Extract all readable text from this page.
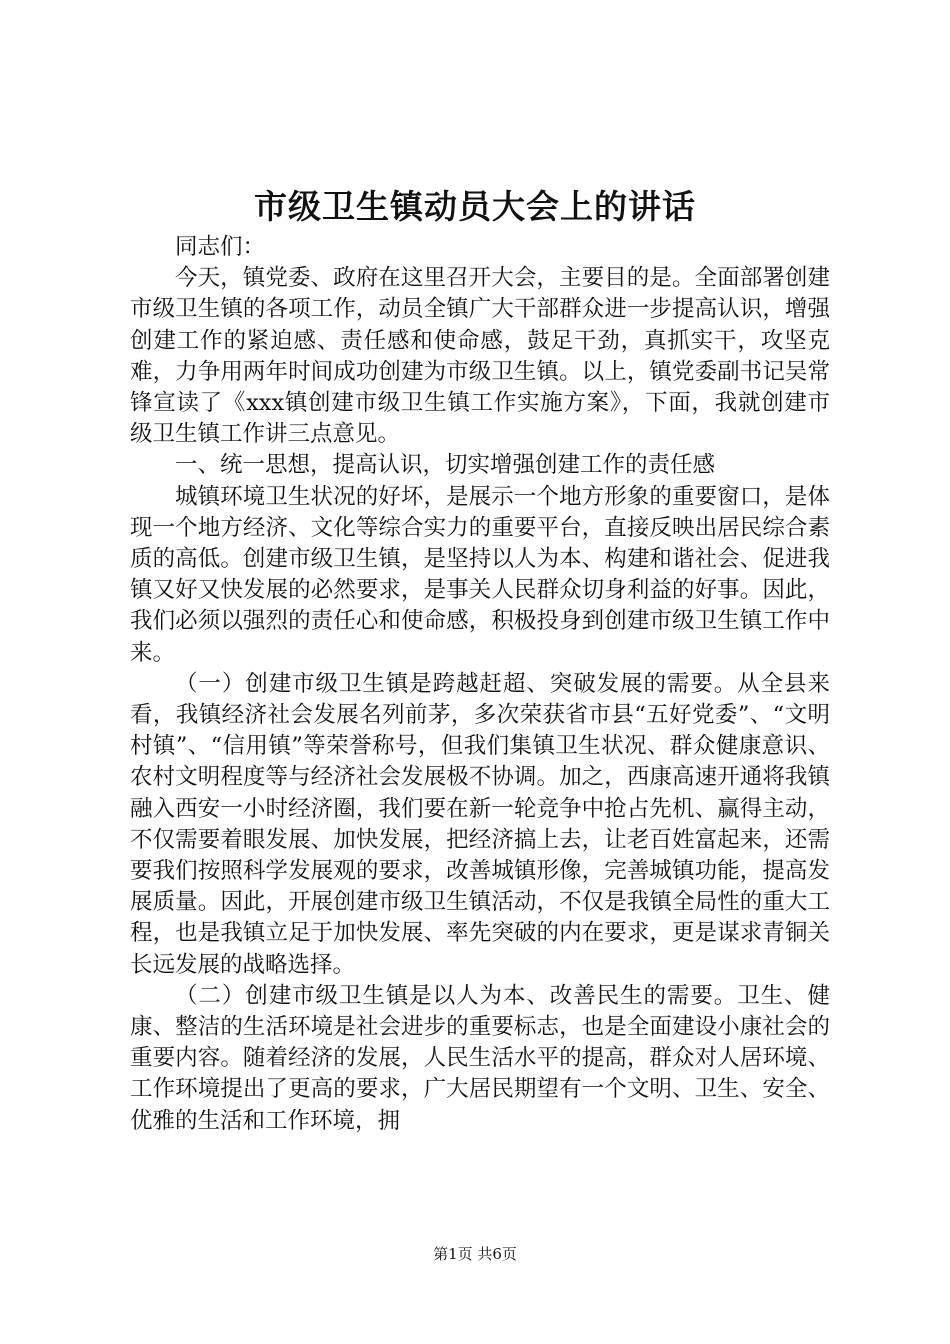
市级卫生镇动员大会上的讲话

同志们：

今天，镇党委、政府在这里召开大会，主要目的是。全面部署创建市级卫生镇的各项工作，动员全镇广大干部群众进一步提高认识，增强创建工作的紧迫感、责任感和使命感，鼓足干劲，真抓实干，攻坚克难，力争用两年时间成功创建为市级卫生镇。以上，镇党委副书记吴常锋宣读了《xxx镇创建市级卫生镇工作实施方案》，下面，我就创建市级卫生镇工作讲三点意见。

一、统一思想，提高认识，切实增强创建工作的责任感

城镇环境卫生状况的好坏，是展示一个地方形象的重要窗口，是体现一个地方经济、文化等综合实力的重要平台，直接反映出居民综合素质的高低。创建市级卫生镇，是坚持以人为本、构建和谐社会、促进我镇又好又快发展的必然要求，是事关人民群众切身利益的好事。因此，我们必须以强烈的责任心和使命感，积极投身到创建市级卫生镇工作中来。

（一）创建市级卫生镇是跨越赶超、突破发展的需要。从全县来看，我镇经济社会发展名列前茅，多次荣获省市县“五好党委”、“文明村镇”、“信用镇”等荣誉称号，但我们集镇卫生状况、群众健康意识、农村文明程度等与经济社会发展极不协调。加之，西康高速开通将我镇融入西安一小时经济圈，我们要在新一轮竞争中抢占先机、赢得主动，不仅需要着眼发展、加快发展，把经济搞上去，让老百姓富起来，还需要我们按照科学发展观的要求，改善城镇形像，完善城镇功能，提高发展质量。因此，开展创建市级卫生镇活动，不仅是我镇全局性的重大工程，也是我镇立足于加快发展、率先突破的内在要求，更是谋求青铜关长远发展的战略选择。

（二）创建市级卫生镇是以人为本、改善民生的需要。卫生、健康、整洁的生活环境是社会进步的重要标志，也是全面建设小康社会的重要内容。随着经济的发展，人民生活水平的提高，群众对人居环境、工作环境提出了更高的要求，广大居民期望有一个文明、卫生、安全、优雅的生活和工作环境，拥

第1页 共6页
